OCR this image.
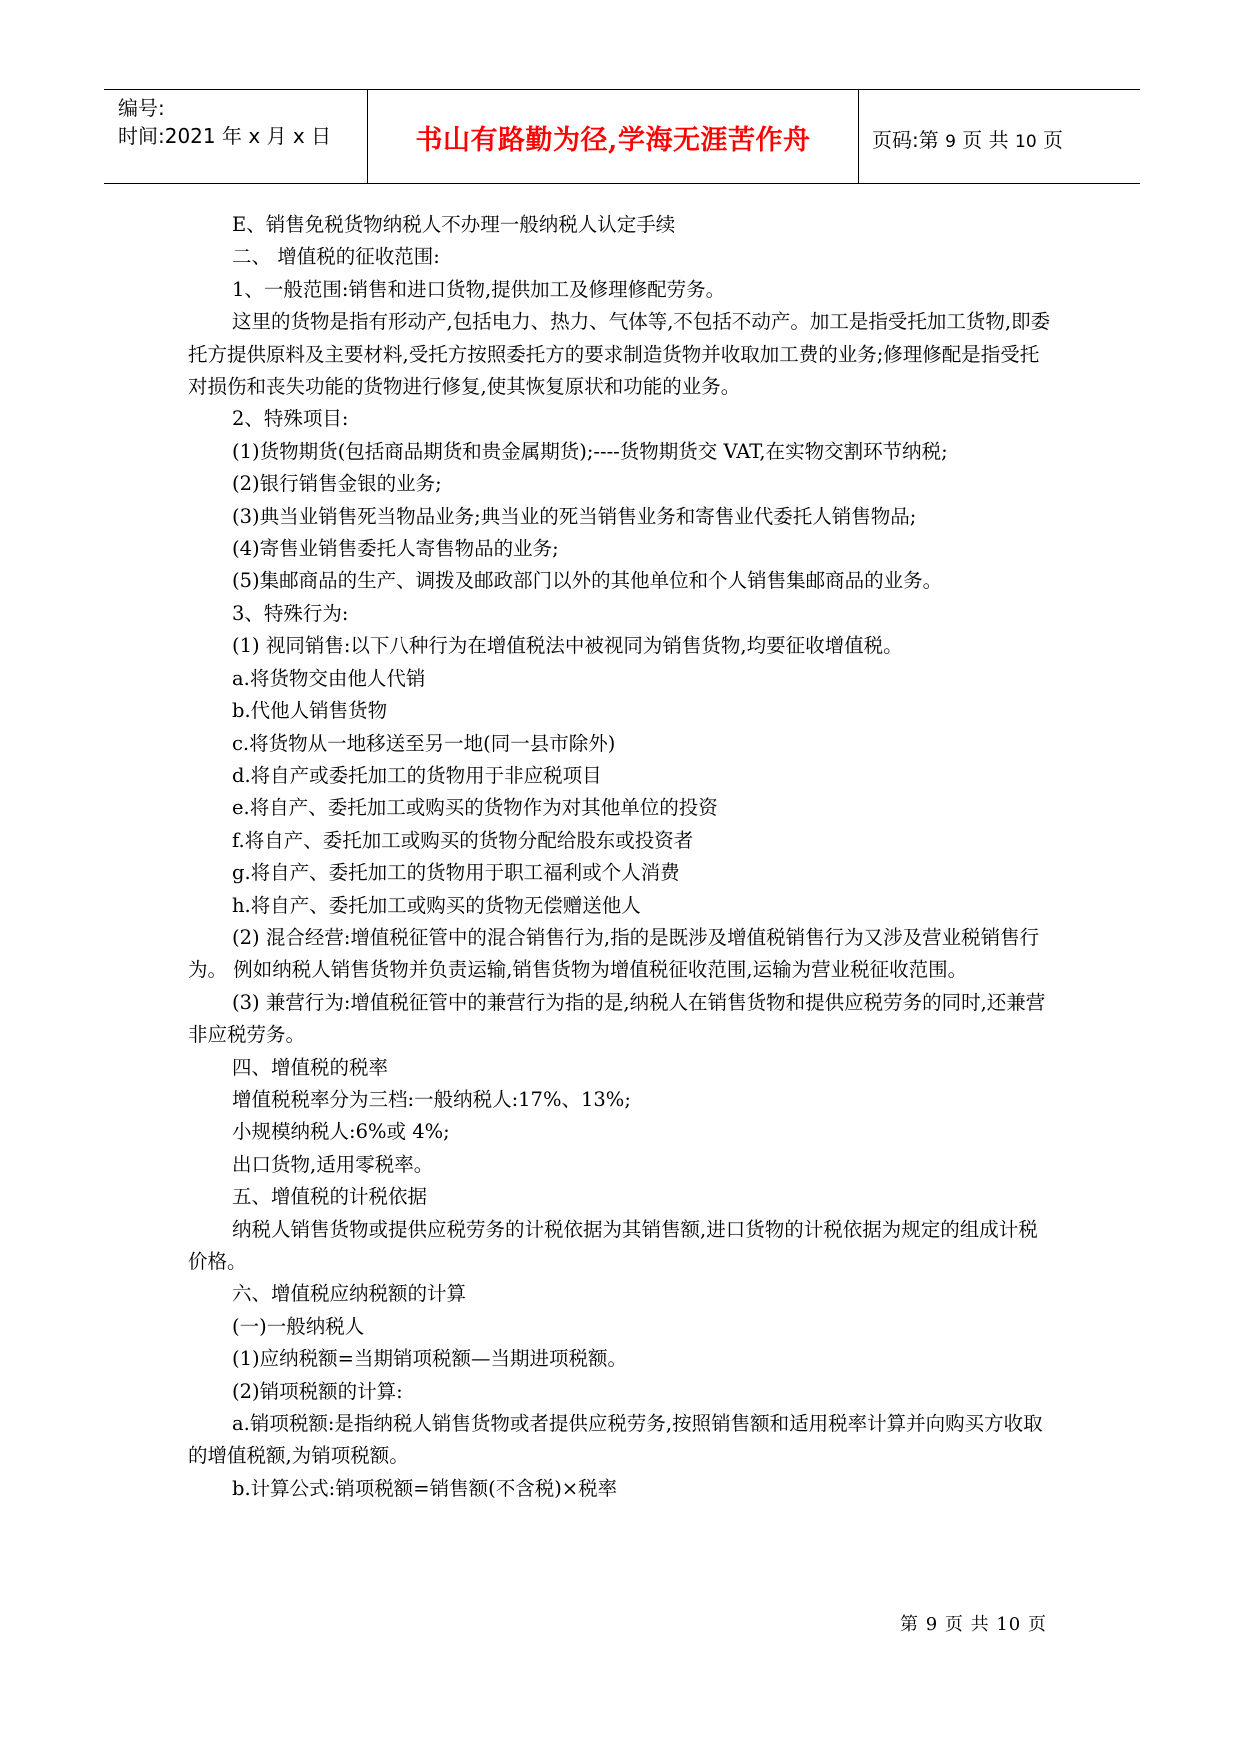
编号:
时间:2021 年 x 月 x 日	书山有路勤为径,学海无涯苦作舟	页码:第 9 页 共 10 页

E、销售免税货物纳税人不办理一般纳税人认定手续

二、 增值税的征收范围:

1、一般范围:销售和进口货物,提供加工及修理修配劳务。

这里的货物是指有形动产,包括电力、热力、气体等,不包括不动产。加工是指受托加工货物,即委托方提供原料及主要材料,受托方按照委托方的要求制造货物并收取加工费的业务;修理修配是指受托对损伤和丧失功能的货物进行修复,使其恢复原状和功能的业务。

2、特殊项目:

(1)货物期货(包括商品期货和贵金属期货);----货物期货交 VAT,在实物交割环节纳税;

(2)银行销售金银的业务;

(3)典当业销售死当物品业务;典当业的死当销售业务和寄售业代委托人销售物品;

(4)寄售业销售委托人寄售物品的业务;

(5)集邮商品的生产、调拨及邮政部门以外的其他单位和个人销售集邮商品的业务。

3、特殊行为:

(1) 视同销售:以下八种行为在增值税法中被视同为销售货物,均要征收增值税。

a.将货物交由他人代销

b.代他人销售货物

c.将货物从一地移送至另一地(同一县市除外)

d.将自产或委托加工的货物用于非应税项目

e.将自产、委托加工或购买的货物作为对其他单位的投资

f.将自产、委托加工或购买的货物分配给股东或投资者

g.将自产、委托加工的货物用于职工福利或个人消费

h.将自产、委托加工或购买的货物无偿赠送他人

(2) 混合经营:增值税征管中的混合销售行为,指的是既涉及增值税销售行为又涉及营业税销售行为。 例如纳税人销售货物并负责运输,销售货物为增值税征收范围,运输为营业税征收范围。

(3) 兼营行为:增值税征管中的兼营行为指的是,纳税人在销售货物和提供应税劳务的同时,还兼营非应税劳务。

四、增值税的税率

增值税税率分为三档:一般纳税人:17%、13%;

小规模纳税人:6%或 4%;

出口货物,适用零税率。

五、增值税的计税依据

纳税人销售货物或提供应税劳务的计税依据为其销售额,进口货物的计税依据为规定的组成计税价格。

六、增值税应纳税额的计算

(一)一般纳税人

(1)应纳税额=当期销项税额—当期进项税额。

(2)销项税额的计算:

a.销项税额:是指纳税人销售货物或者提供应税劳务,按照销售额和适用税率计算并向购买方收取的增值税额,为销项税额。

b.计算公式:销项税额=销售额(不含税)×税率

第 9 页 共 10 页
